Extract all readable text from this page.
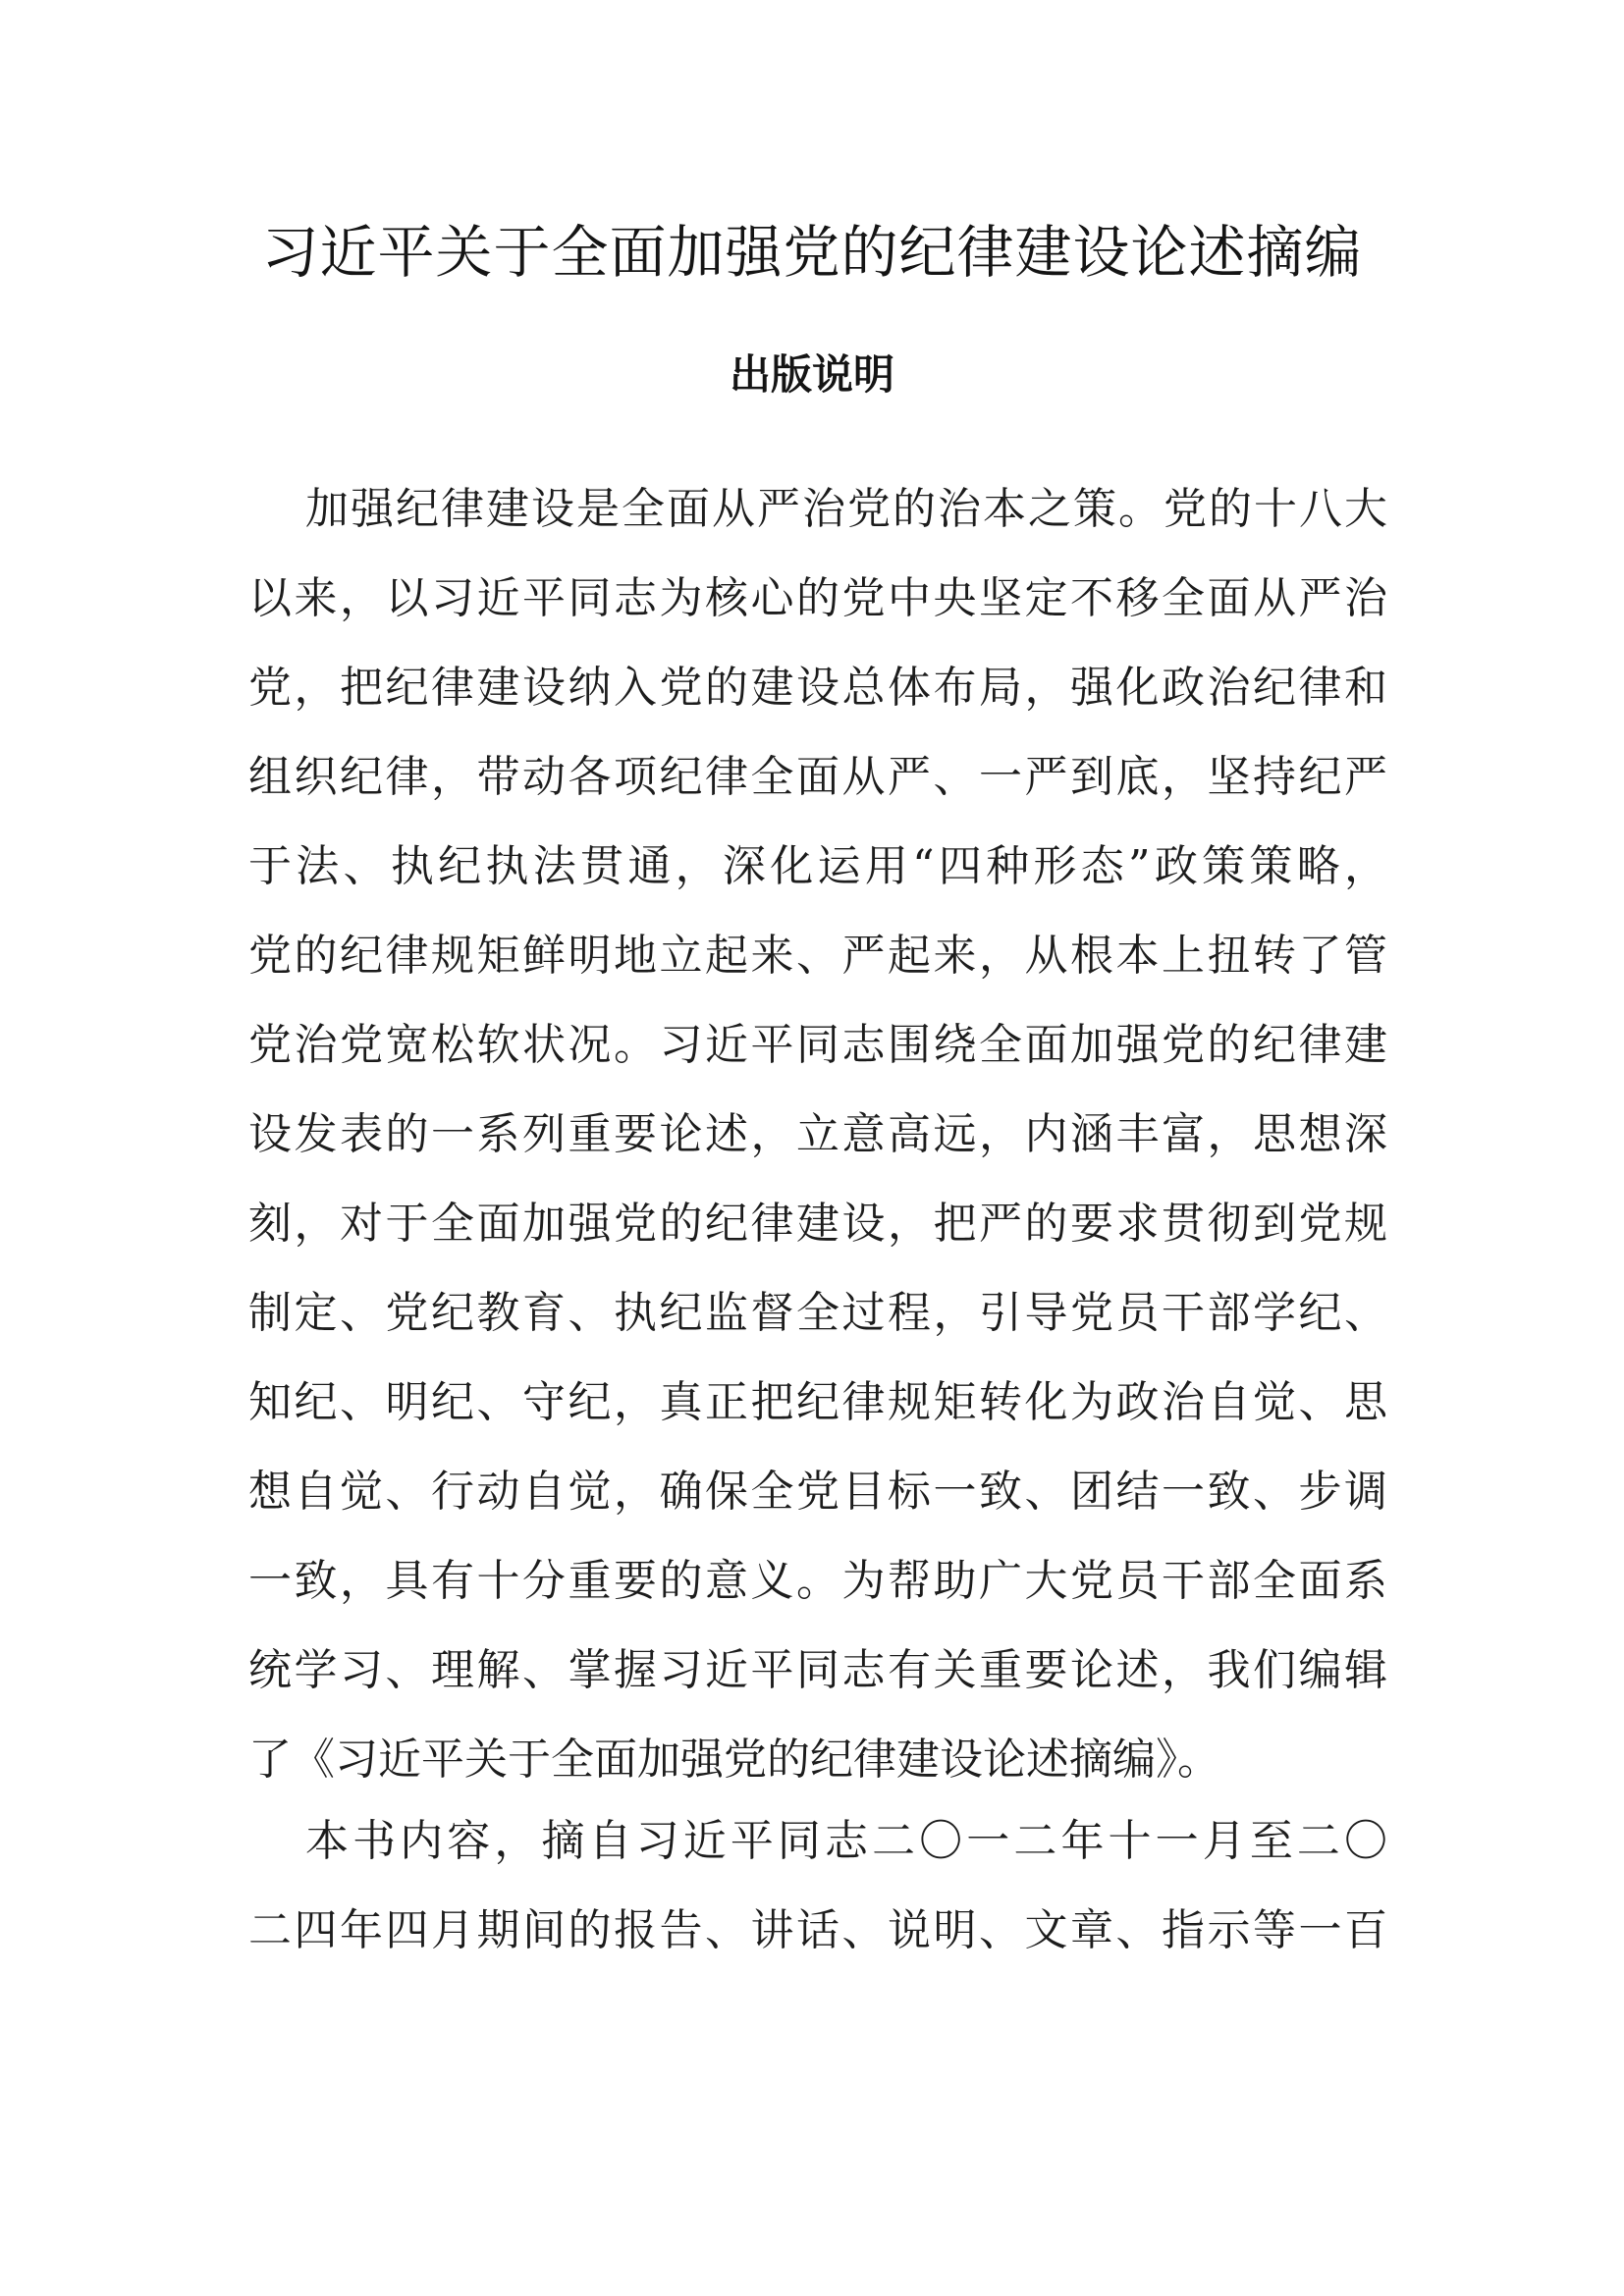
习近平关于全面加强党的纪律建设论述摘编
出版说明
加强纪律建设是全面从严治党的治本之策。党的十八大
以来，以习近平同志为核心的党中央坚定不移全面从严治
党，把纪律建设纳入党的建设总体布局，强化政治纪律和
组织纪律，带动各项纪律全面从严、一严到底，坚持纪严
于法、执纪执法贯通，深化运用“四种形态”政策策略，
党的纪律规矩鲜明地立起来、严起来，从根本上扭转了管
党治党宽松软状况。习近平同志围绕全面加强党的纪律建
设发表的一系列重要论述，立意高远，内涵丰富，思想深
刻，对于全面加强党的纪律建设，把严的要求贯彻到党规
制定、党纪教育、执纪监督全过程，引导党员干部学纪、
知纪、明纪、守纪，真正把纪律规矩转化为政治自觉、思
想自觉、行动自觉，确保全党目标一致、团结一致、步调
一致，具有十分重要的意义。为帮助广大党员干部全面系
统学习、理解、掌握习近平同志有关重要论述，我们编辑
了《习近平关于全面加强党的纪律建设论述摘编》。
本书内容，摘自习近平同志二〇一二年十一月至二〇
二四年四月期间的报告、讲话、说明、文章、指示等一百
